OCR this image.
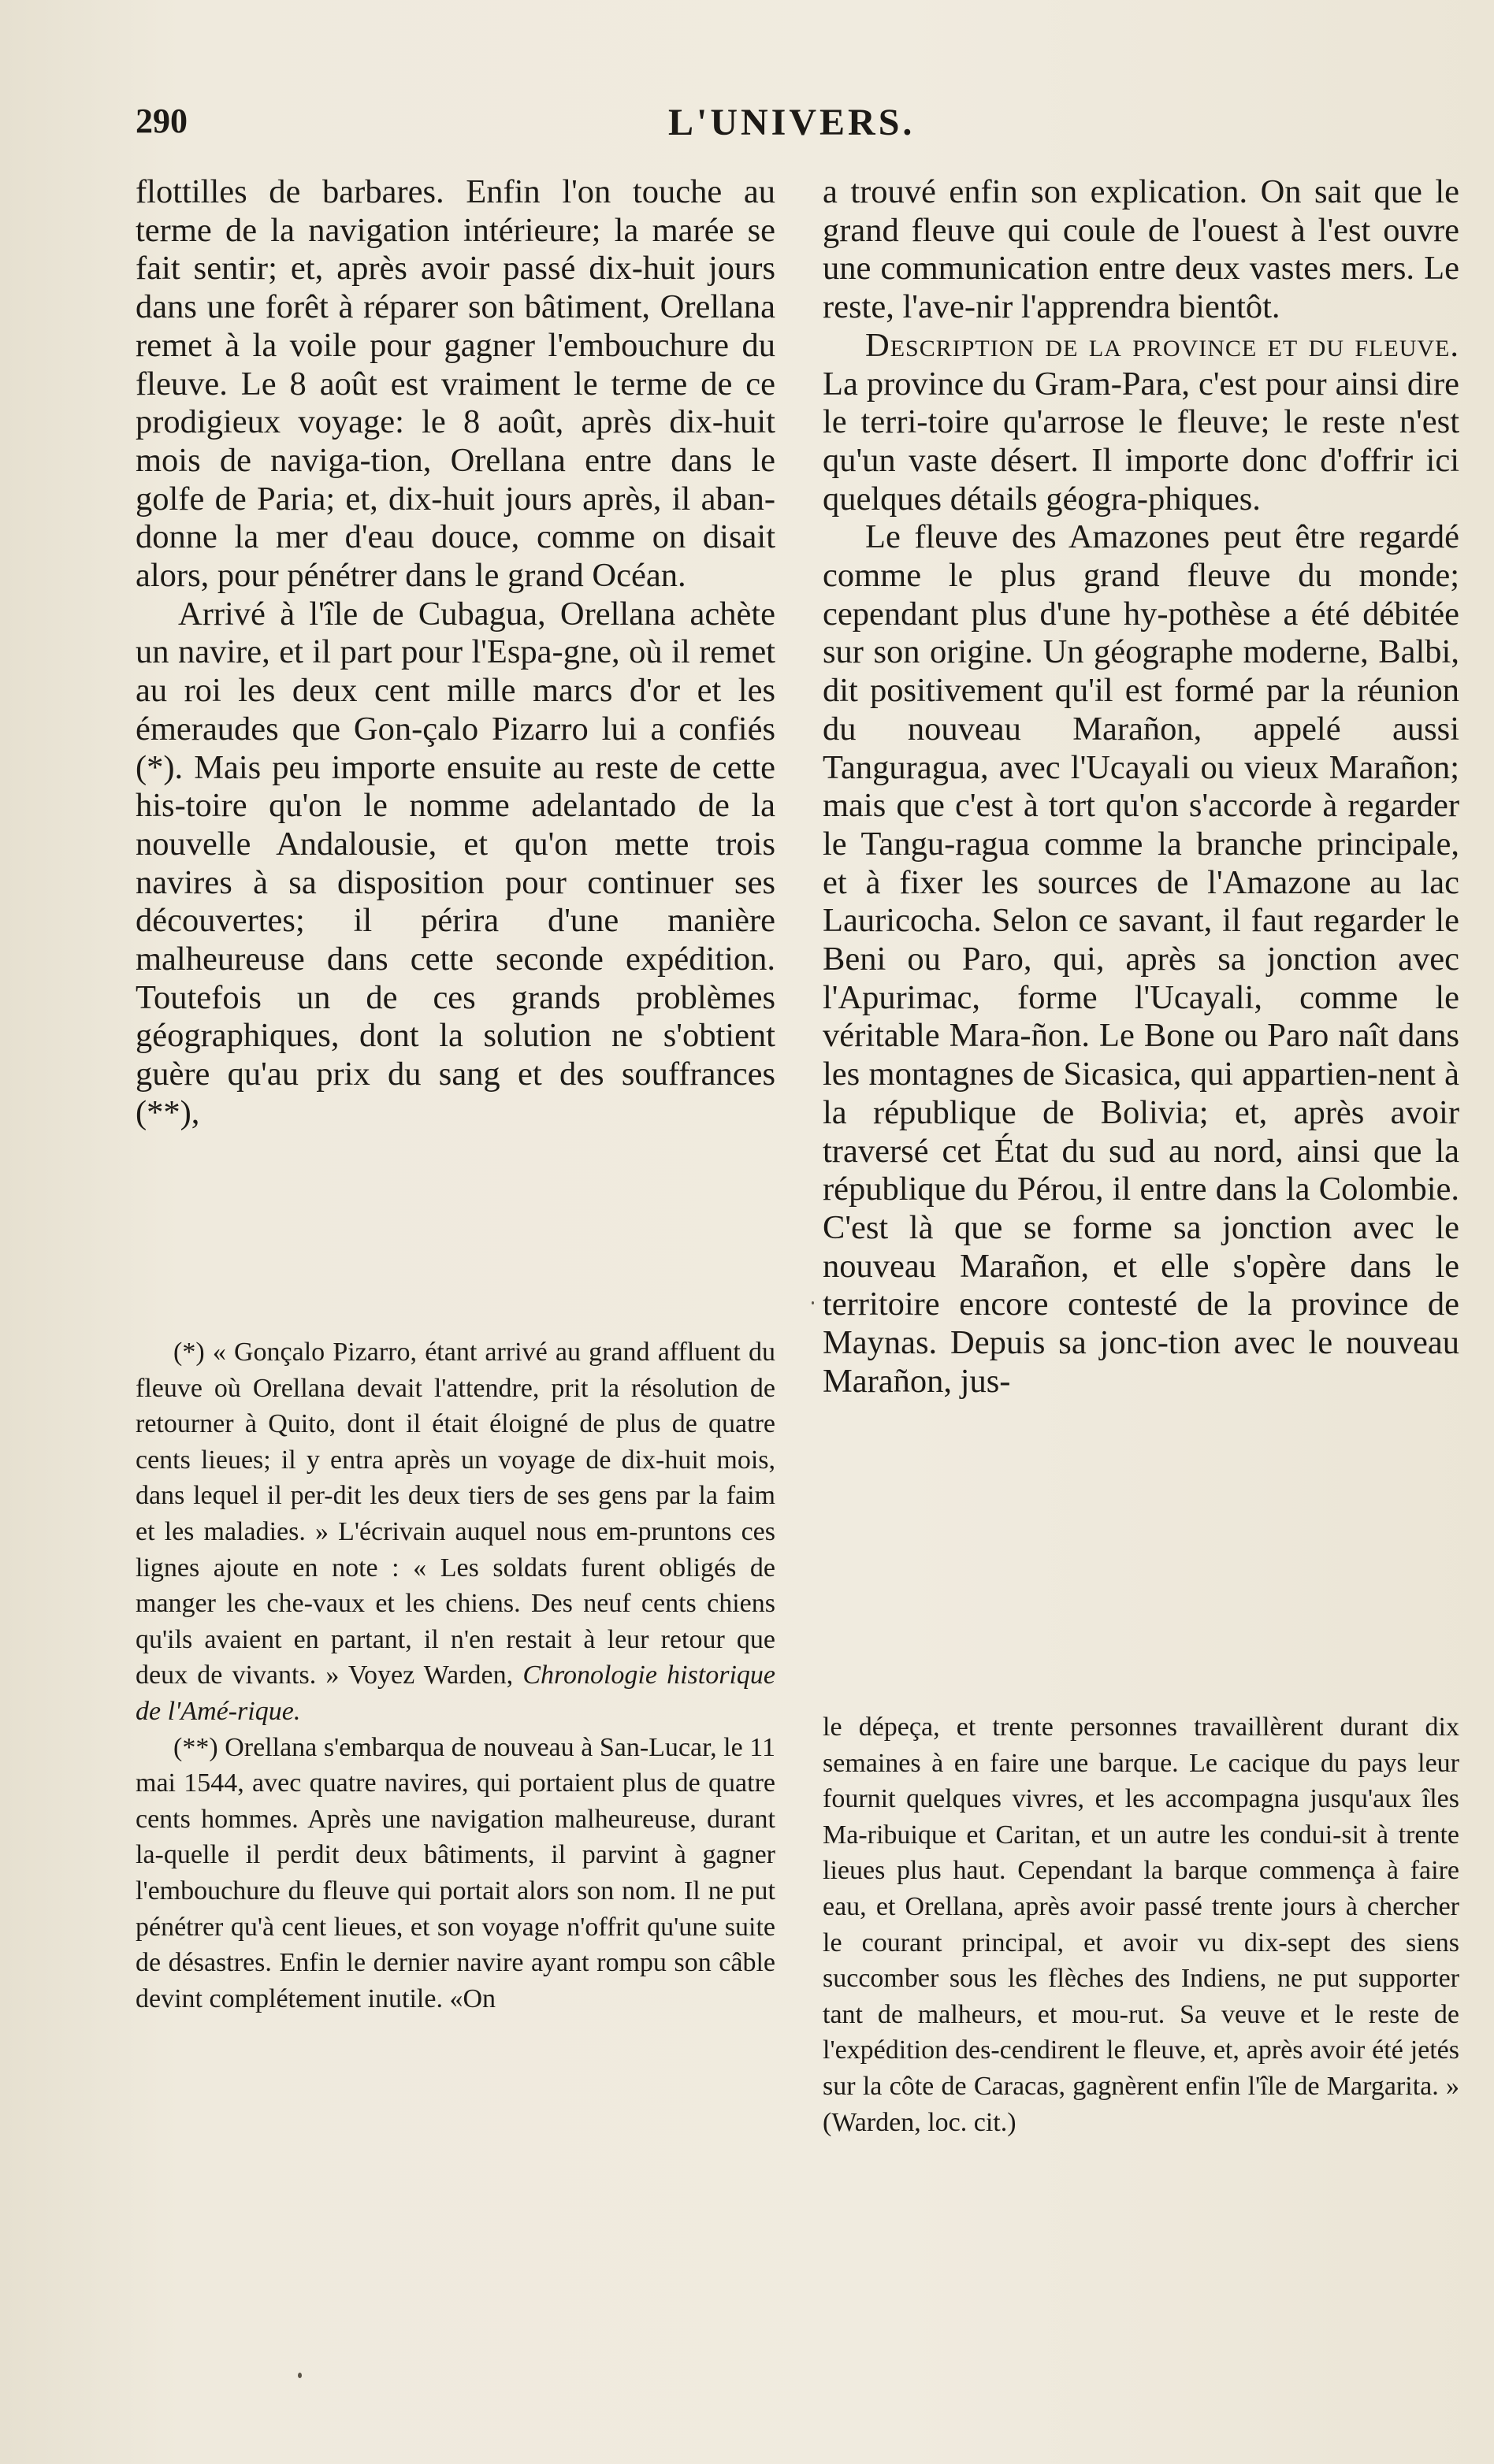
290	L'UNIVERS.

flottilles de barbares. Enfin l'on touche au terme de la navigation intérieure; la marée se fait sentir; et, après avoir passé dix-huit jours dans une forêt à réparer son bâtiment, Orellana remet à la voile pour gagner l'embouchure du fleuve. Le 8 août est vraiment le terme de ce prodigieux voyage: le 8 août, après dix-huit mois de naviga-tion, Orellana entre dans le golfe de Paria; et, dix-huit jours après, il aban-donne la mer d'eau douce, comme on disait alors, pour pénétrer dans le grand Océan.

Arrivé à l'île de Cubagua, Orellana achète un navire, et il part pour l'Espa-gne, où il remet au roi les deux cent mille marcs d'or et les émeraudes que Gon-çalo Pizarro lui a confiés (*). Mais peu importe ensuite au reste de cette his-toire qu'on le nomme adelantado de la nouvelle Andalousie, et qu'on mette trois navires à sa disposition pour continuer ses découvertes; il périra d'une manière malheureuse dans cette seconde expédition. Toutefois un de ces grands problèmes géographiques, dont la solution ne s'obtient guère qu'au prix du sang et des souffrances (**),

a trouvé enfin son explication. On sait que le grand fleuve qui coule de l'ouest à l'est ouvre une communication entre deux vastes mers. Le reste, l'ave-nir l'apprendra bientôt.

Description de la province et du fleuve. La province du Gram-Para, c'est pour ainsi dire le terri-toire qu'arrose le fleuve; le reste n'est qu'un vaste désert. Il importe donc d'offrir ici quelques détails géogra-phiques.

Le fleuve des Amazones peut être regardé comme le plus grand fleuve du monde; cependant plus d'une hy-pothèse a été débitée sur son origine. Un géographe moderne, Balbi, dit positivement qu'il est formé par la réunion du nouveau Marañon, appelé aussi Tanguragua, avec l'Ucayali ou vieux Marañon; mais que c'est à tort qu'on s'accorde à regarder le Tangu-ragua comme la branche principale, et à fixer les sources de l'Amazone au lac Lauricocha. Selon ce savant, il faut regarder le Beni ou Paro, qui, après sa jonction avec l'Apurimac, forme l'Ucayali, comme le véritable Mara-ñon. Le Bone ou Paro naît dans les montagnes de Sicasica, qui appartien-nent à la république de Bolivia; et, après avoir traversé cet État du sud au nord, ainsi que la république du Pérou, il entre dans la Colombie. C'est là que se forme sa jonction avec le nouveau Marañon, et elle s'opère dans le territoire encore contesté de la province de Maynas. Depuis sa jonc-tion avec le nouveau Marañon, jus-

(*) « Gonçalo Pizarro, étant arrivé au grand affluent du fleuve où Orellana devait l'attendre, prit la résolution de retourner à Quito, dont il était éloigné de plus de quatre cents lieues; il y entra après un voyage de dix-huit mois, dans lequel il per-dit les deux tiers de ses gens par la faim et les maladies. » L'écrivain auquel nous em-pruntons ces lignes ajoute en note : « Les soldats furent obligés de manger les che-vaux et les chiens. Des neuf cents chiens qu'ils avaient en partant, il n'en restait à leur retour que deux de vivants. » Voyez Warden, Chronologie historique de l'Amé-rique.

(**) Orellana s'embarqua de nouveau à San-Lucar, le 11 mai 1544, avec quatre navires, qui portaient plus de quatre cents hommes. Après une navigation malheureuse, durant la-quelle il perdit deux bâtiments, il parvint à gagner l'embouchure du fleuve qui portait alors son nom. Il ne put pénétrer qu'à cent lieues, et son voyage n'offrit qu'une suite de désastres. Enfin le dernier navire ayant rompu son câble devint complétement inutile. «On

le dépeça, et trente personnes travaillèrent durant dix semaines à en faire une barque. Le cacique du pays leur fournit quelques vivres, et les accompagna jusqu'aux îles Ma-ribuique et Caritan, et un autre les condui-sit à trente lieues plus haut. Cependant la barque commença à faire eau, et Orellana, après avoir passé trente jours à chercher le courant principal, et avoir vu dix-sept des siens succomber sous les flèches des Indiens, ne put supporter tant de malheurs, et mou-rut. Sa veuve et le reste de l'expédition des-cendirent le fleuve, et, après avoir été jetés sur la côte de Caracas, gagnèrent enfin l'île de Margarita. » (Warden, loc. cit.)
